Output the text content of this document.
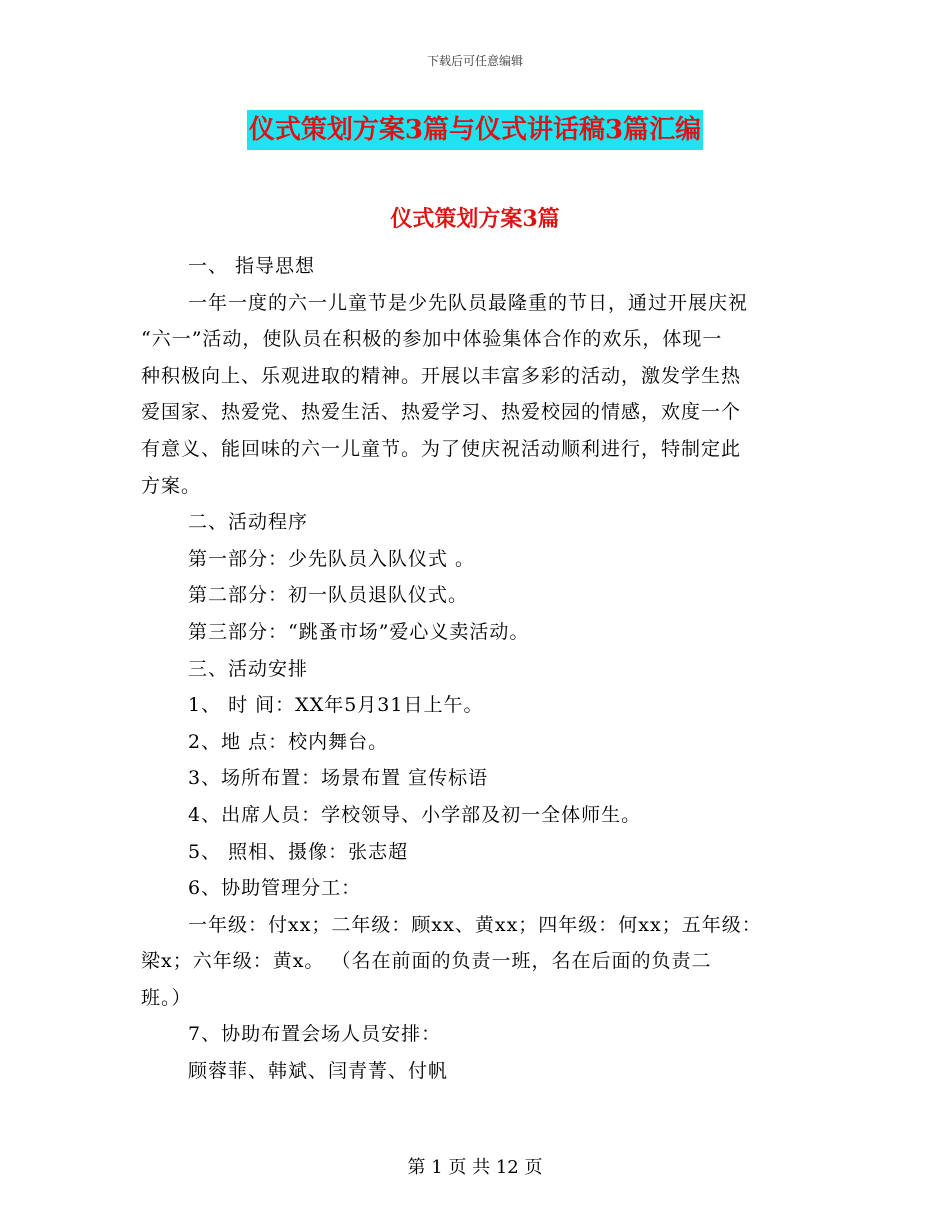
下载后可任意编辑
仪式策划方案3篇与仪式讲话稿3篇汇编
仪式策划方案3篇
一、 指导思想
一年一度的六一儿童节是少先队员最隆重的节日，通过开展庆祝
“六一”活动，使队员在积极的参加中体验集体合作的欢乐，体现一
种积极向上、乐观进取的精神。开展以丰富多彩的活动，激发学生热
爱国家、热爱党、热爱生活、热爱学习、热爱校园的情感，欢度一个
有意义、能回味的六一儿童节。为了使庆祝活动顺利进行，特制定此
方案。
二、活动程序
第一部分：少先队员入队仪式 。
第二部分：初一队员退队仪式。
第三部分：“跳蚤市场”爱心义卖活动。
三、活动安排
1、 时 间：XX年5月31日上午。
2、地 点：校内舞台。
3、场所布置：场景布置 宣传标语
4、出席人员：学校领导、小学部及初一全体师生。
5、 照相、摄像：张志超
6、协助管理分工：
一年级：付xx；二年级：顾xx、黄xx；四年级：何xx；五年级：
梁x；六年级：黄x。 （名在前面的负责一班，名在后面的负责二
班。）
7、协助布置会场人员安排：
顾蓉菲、韩斌、闫青菁、付帆
第 1 页 共 12 页
